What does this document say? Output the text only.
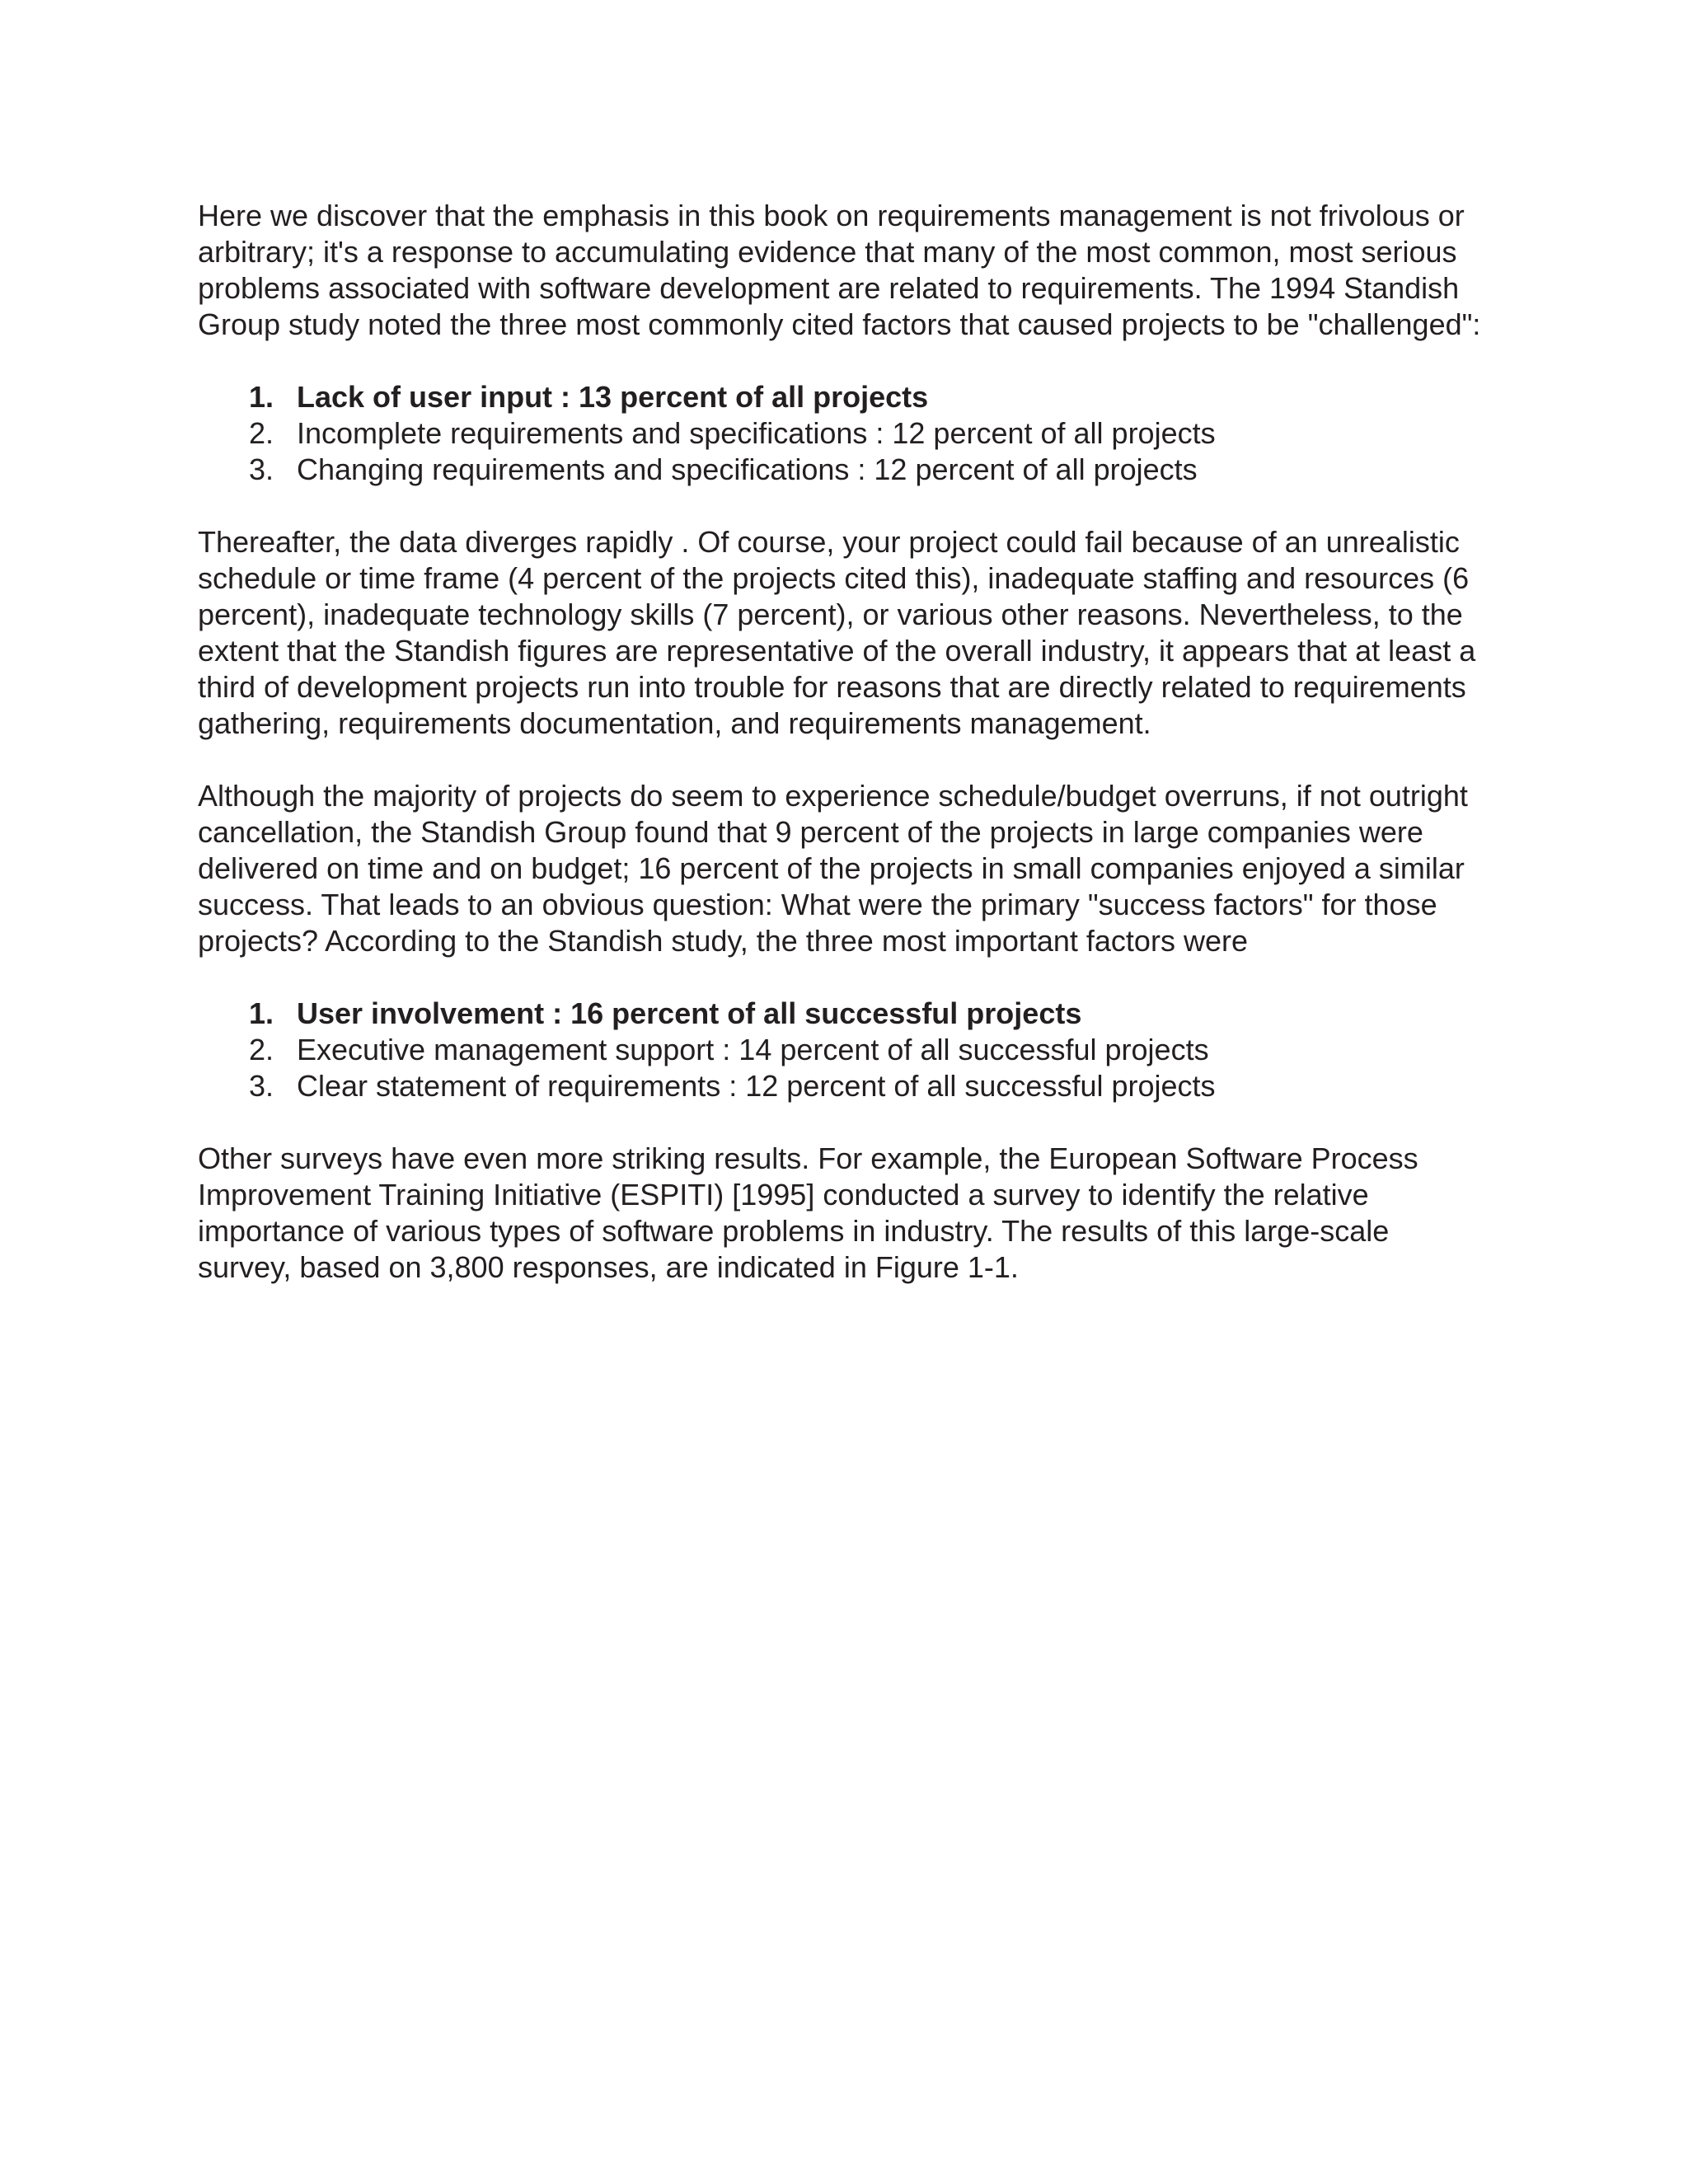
Here we discover that the emphasis in this book on requirements management is not frivolous or arbitrary; it's a response to accumulating evidence that many of the most common, most serious problems associated with software development are related to requirements. The 1994 Standish Group study noted the three most commonly cited factors that caused projects to be "challenged":

1. Lack of user input : 13 percent of all projects
2. Incomplete requirements and specifications : 12 percent of all projects
3. Changing requirements and specifications : 12 percent of all projects

Thereafter, the data diverges rapidly . Of course, your project could fail because of an unrealistic schedule or time frame (4 percent of the projects cited this), inadequate staffing and resources (6 percent), inadequate technology skills (7 percent), or various other reasons. Nevertheless, to the extent that the Standish figures are representative of the overall industry, it appears that at least a third of development projects run into trouble for reasons that are directly related to requirements gathering, requirements documentation, and requirements management.

Although the majority of projects do seem to experience schedule/budget overruns, if not outright cancellation, the Standish Group found that 9 percent of the projects in large companies were delivered on time and on budget; 16 percent of the projects in small companies enjoyed a similar success. That leads to an obvious question: What were the primary "success factors" for those projects? According to the Standish study, the three most important factors were

1. User involvement : 16 percent of all successful projects
2. Executive management support : 14 percent of all successful projects
3. Clear statement of requirements : 12 percent of all successful projects

Other surveys have even more striking results. For example, the European Software Process Improvement Training Initiative (ESPITI) [1995] conducted a survey to identify the relative importance of various types of software problems in industry. The results of this large-scale survey, based on 3,800 responses, are indicated in Figure 1-1.
